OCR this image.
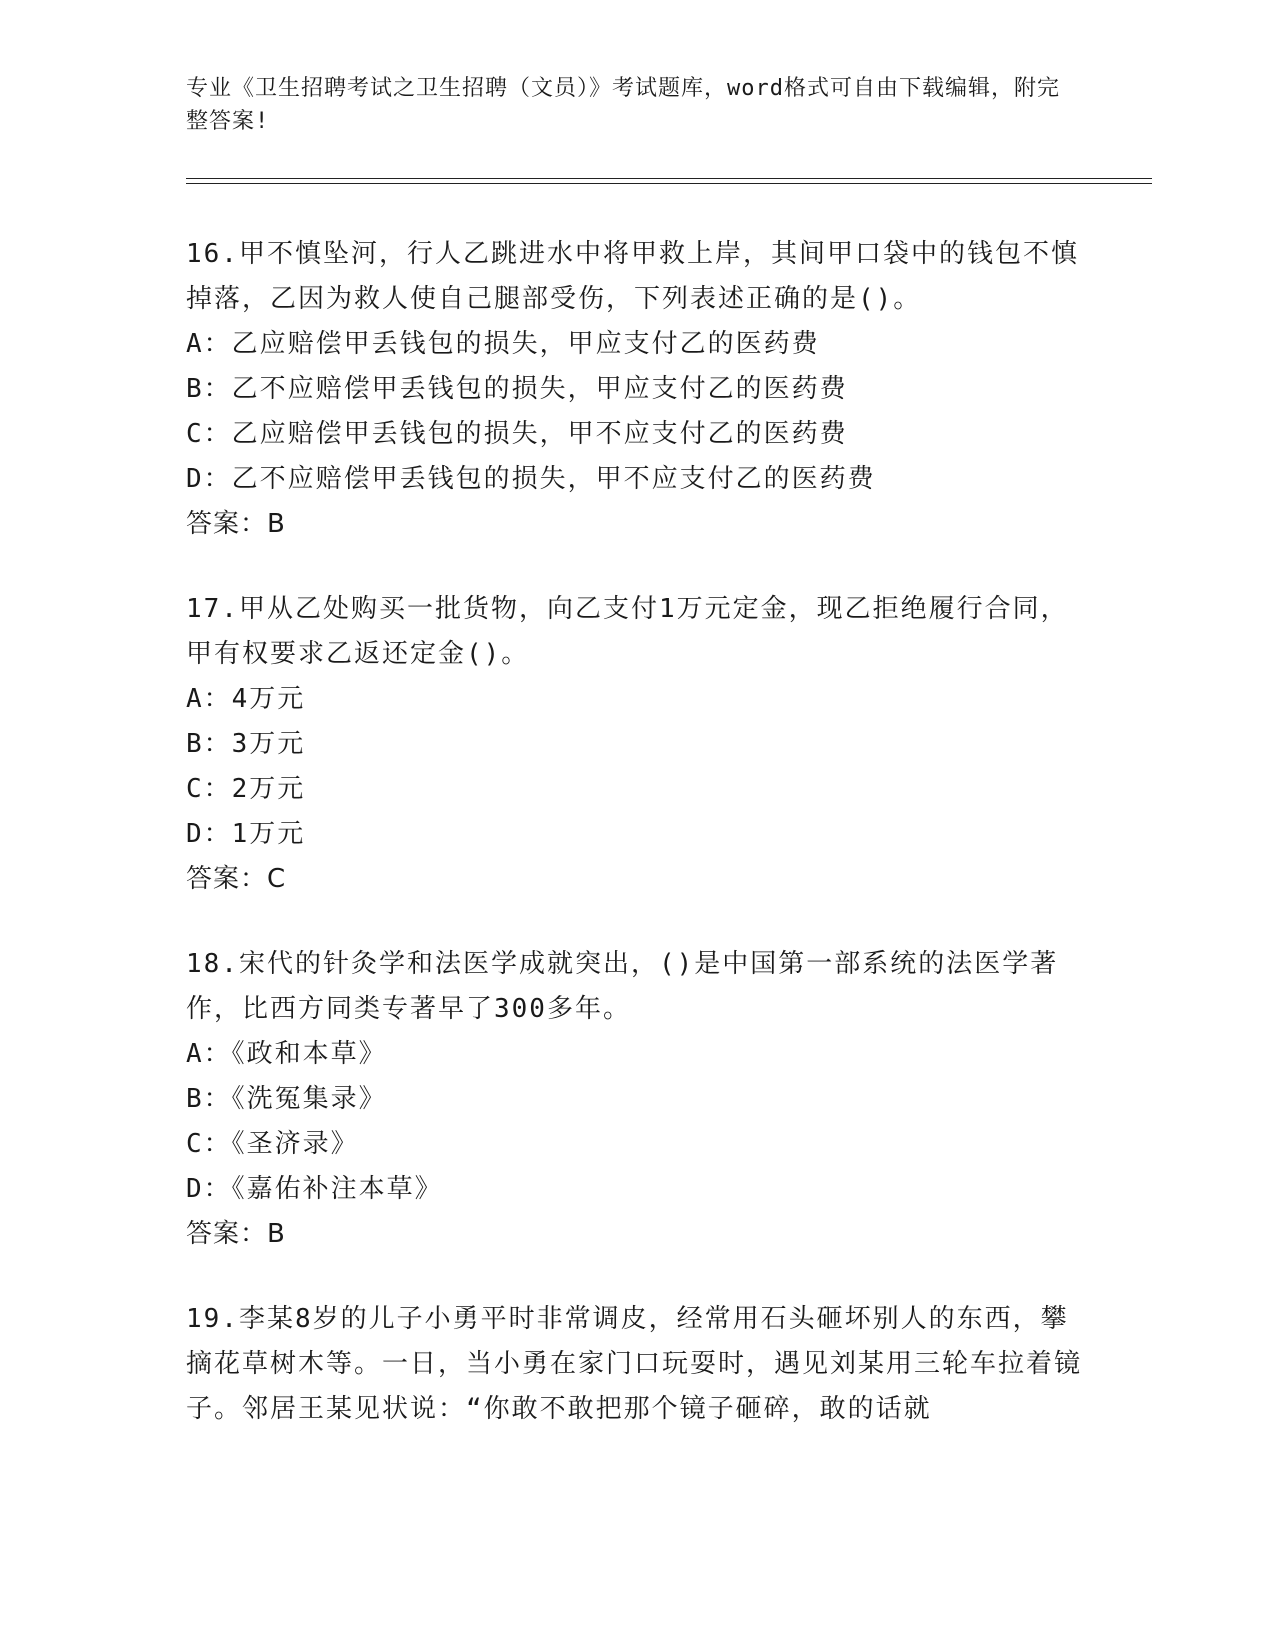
专业《卫生招聘考试之卫生招聘（文员）》考试题库，word格式可自由下载编辑，附完整答案!
16.甲不慎坠河，行人乙跳进水中将甲救上岸，其间甲口袋中的钱包不慎掉落，乙因为救人使自己腿部受伤，下列表述正确的是()。
A：乙应赔偿甲丢钱包的损失，甲应支付乙的医药费
B：乙不应赔偿甲丢钱包的损失，甲应支付乙的医药费
C：乙应赔偿甲丢钱包的损失，甲不应支付乙的医药费
D：乙不应赔偿甲丢钱包的损失，甲不应支付乙的医药费
答案：B
17.甲从乙处购买一批货物，向乙支付1万元定金，现乙拒绝履行合同，甲有权要求乙返还定金()。
A：4万元
B：3万元
C：2万元
D：1万元
答案：C
18.宋代的针灸学和法医学成就突出，()是中国第一部系统的法医学著作，比西方同类专著早了300多年。
A：《政和本草》
B：《洗冤集录》
C：《圣济录》
D：《嘉佑补注本草》
答案：B
19.李某8岁的儿子小勇平时非常调皮，经常用石头砸坏别人的东西，攀摘花草树木等。一日，当小勇在家门口玩耍时，遇见刘某用三轮车拉着镜子。邻居王某见状说：“你敢不敢把那个镜子砸碎，敢的话就
